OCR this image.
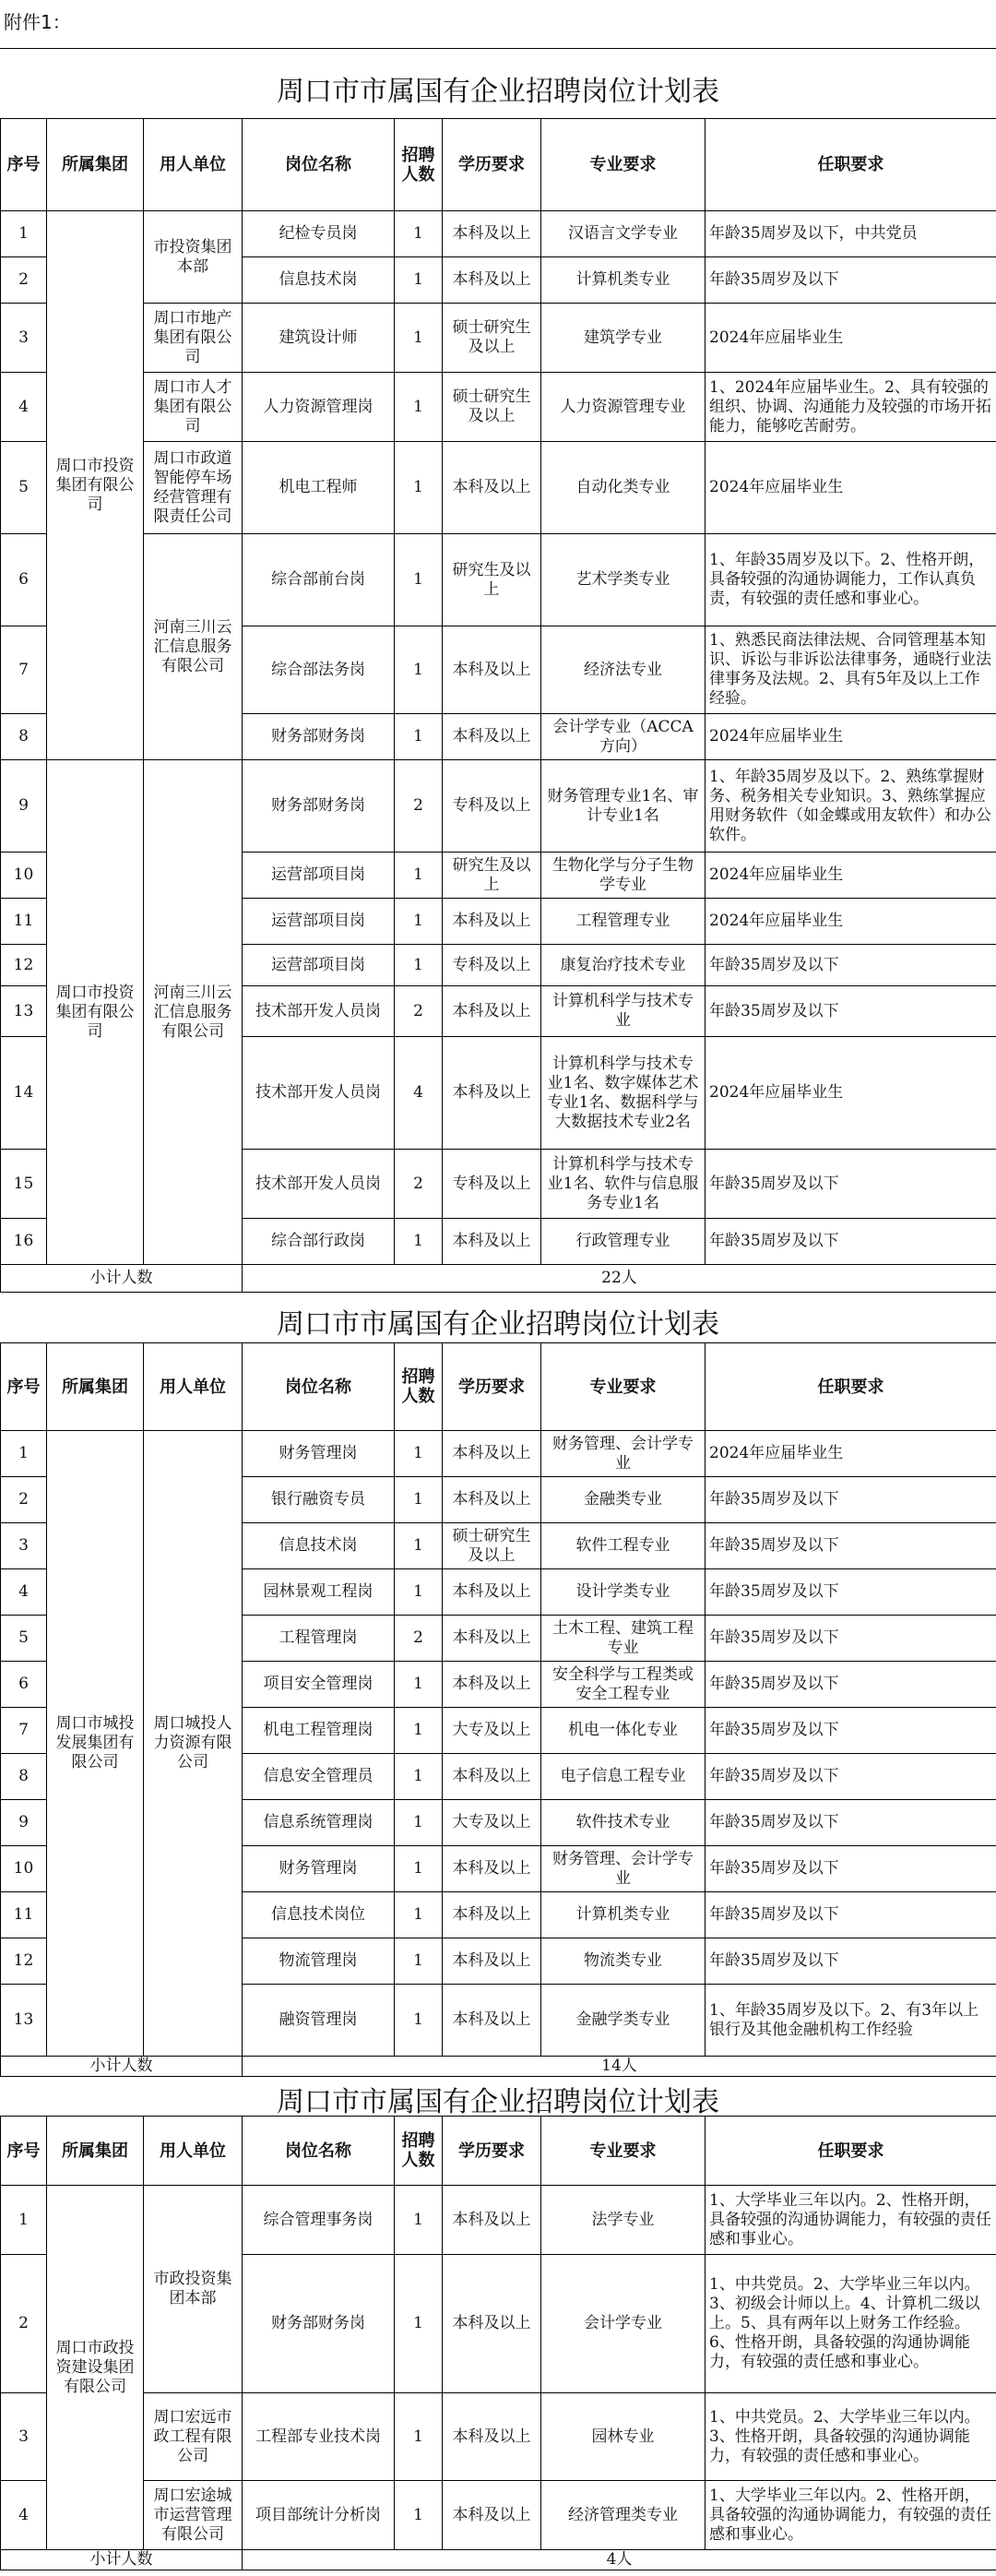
附件1：
周口市市属国有企业招聘岗位计划表
序号	所属集团	用人单位	岗位名称	招聘人数	学历要求	专业要求	任职要求
1	周口市投资集团有限公司	市投资集团本部	纪检专员岗	1	本科及以上	汉语言文学专业	年龄35周岁及以下，中共党员
2			信息技术岗	1	本科及以上	计算机类专业	年龄35周岁及以下
3		周口市地产集团有限公司	建筑设计师	1	硕士研究生及以上	建筑学专业	2024年应届毕业生
4		周口市人才集团有限公司	人力资源管理岗	1	硕士研究生及以上	人力资源管理专业	1、2024年应届毕业生。2、具有较强的组织、协调、沟通能力及较强的市场开拓能力，能够吃苦耐劳。
5		周口市政道智能停车场经营管理有限责任公司	机电工程师	1	本科及以上	自动化类专业	2024年应届毕业生
6		河南三川云汇信息服务有限公司	综合部前台岗	1	研究生及以上	艺术学类专业	1、年龄35周岁及以下。2、性格开朗，具备较强的沟通协调能力，工作认真负责，有较强的责任感和事业心。
7			综合部法务岗	1	本科及以上	经济法专业	1、熟悉民商法律法规、合同管理基本知识、诉讼与非诉讼法律事务，通晓行业法律事务及法规。2、具有5年及以上工作经验。
8			财务部财务岗	1	本科及以上	会计学专业（ACCA方向）	2024年应届毕业生
9	周口市投资集团有限公司	河南三川云汇信息服务有限公司	财务部财务岗	2	专科及以上	财务管理专业1名、审计专业1名	1、年龄35周岁及以下。2、熟练掌握财务、税务相关专业知识。3、熟练掌握应用财务软件（如金蝶或用友软件）和办公软件。
10			运营部项目岗	1	研究生及以上	生物化学与分子生物学专业	2024年应届毕业生
11			运营部项目岗	1	本科及以上	工程管理专业	2024年应届毕业生
12			运营部项目岗	1	专科及以上	康复治疗技术专业	年龄35周岁及以下
13			技术部开发人员岗	2	本科及以上	计算机科学与技术专业	年龄35周岁及以下
14			技术部开发人员岗	4	本科及以上	计算机科学与技术专业1名、数字媒体艺术专业1名、数据科学与大数据技术专业2名	2024年应届毕业生
15			技术部开发人员岗	2	专科及以上	计算机科学与技术专业1名、软件与信息服务专业1名	年龄35周岁及以下
16			综合部行政岗	1	本科及以上	行政管理专业	年龄35周岁及以下
小计人数			22人				
周口市市属国有企业招聘岗位计划表
序号	所属集团	用人单位	岗位名称	招聘人数	学历要求	专业要求	任职要求
1	周口市城投发展集团有限公司	周口城投人力资源有限公司	财务管理岗	1	本科及以上	财务管理、会计学专业	2024年应届毕业生
2			银行融资专员	1	本科及以上	金融类专业	年龄35周岁及以下
3			信息技术岗	1	硕士研究生及以上	软件工程专业	年龄35周岁及以下
4			园林景观工程岗	1	本科及以上	设计学类专业	年龄35周岁及以下
5			工程管理岗	2	本科及以上	土木工程、建筑工程专业	年龄35周岁及以下
6			项目安全管理岗	1	本科及以上	安全科学与工程类或安全工程专业	年龄35周岁及以下
7			机电工程管理岗	1	大专及以上	机电一体化专业	年龄35周岁及以下
8			信息安全管理员	1	本科及以上	电子信息工程专业	年龄35周岁及以下
9			信息系统管理岗	1	大专及以上	软件技术专业	年龄35周岁及以下
10			财务管理岗	1	本科及以上	财务管理、会计学专业	年龄35周岁及以下
11			信息技术岗位	1	本科及以上	计算机类专业	年龄35周岁及以下
12			物流管理岗	1	本科及以上	物流类专业	年龄35周岁及以下
13			融资管理岗	1	本科及以上	金融学类专业	1、年龄35周岁及以下。2、有3年以上银行及其他金融机构工作经验
小计人数			14人				
周口市市属国有企业招聘岗位计划表
序号	所属集团	用人单位	岗位名称	招聘人数	学历要求	专业要求	任职要求
1	周口市政投资建设集团有限公司	市政投资集团本部	综合管理事务岗	1	本科及以上	法学专业	1、大学毕业三年以内。2、性格开朗，具备较强的沟通协调能力，有较强的责任感和事业心。
2			财务部财务岗	1	本科及以上	会计学专业	1、中共党员。2、大学毕业三年以内。3、初级会计师以上。4、计算机二级以上。5、具有两年以上财务工作经验。6、性格开朗，具备较强的沟通协调能力，有较强的责任感和事业心。
3		周口宏远市政工程有限公司	工程部专业技术岗	1	本科及以上	园林专业	1、中共党员。2、大学毕业三年以内。3、性格开朗，具备较强的沟通协调能力，有较强的责任感和事业心。
4		周口宏途城市运营管理有限公司	项目部统计分析岗	1	本科及以上	经济管理类专业	1、大学毕业三年以内。2、性格开朗，具备较强的沟通协调能力，有较强的责任感和事业心。
小计人数			4人				
